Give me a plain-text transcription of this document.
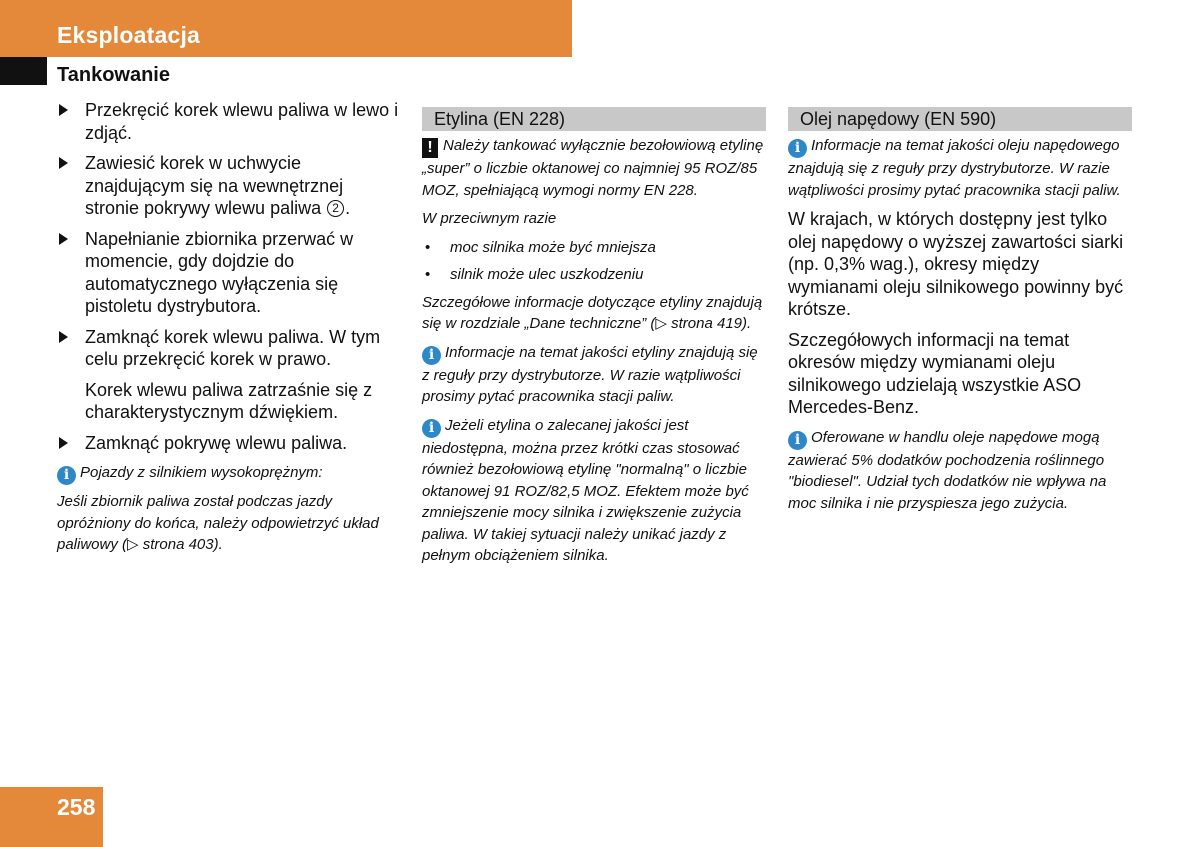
Eksploatacja
Tankowanie
Przekręcić korek wlewu paliwa w lewo i zdjąć.
Zawiesić korek w uchwycie znajdującym się na wewnętrznej stronie pokrywy wlewu paliwa 2 .
Napełnianie zbiornika przerwać w momencie, gdy dojdzie do automatycznego wyłączenia się pistoletu dystrybutora.
Zamknąć korek wlewu paliwa. W tym celu przekręcić korek w prawo.
Korek wlewu paliwa zatrzaśnie się z charakterystycznym dźwiękiem.
Zamknąć pokrywę wlewu paliwa.
i Pojazdy z silnikiem wysokoprężnym:
Jeśli zbiornik paliwa został podczas jazdy opróżniony do końca, należy odpowietrzyć układ paliwowy (▷ strona 403).
Etylina (EN 228)
! Należy tankować wyłącznie bezołowiową etylinę „super” o liczbie oktanowej co najmniej 95 ROZ/85 MOZ, spełniającą wymogi normy EN 228.
W przeciwnym razie
• moc silnika może być mniejsza
• silnik może ulec uszkodzeniu
Szczegółowe informacje dotyczące etyliny znajdują się w rozdziale „Dane techniczne” (▷ strona 419).
i Informacje na temat jakości etyliny znajdują się z reguły przy dystrybutorze. W razie wątpliwości prosimy pytać pracownika stacji paliw.
i Jeżeli etylina o zalecanej jakości jest niedostępna, można przez krótki czas stosować również bezołowiową etylinę "normalną" o liczbie oktanowej 91 ROZ/82,5 MOZ. Efektem może być zmniejszenie mocy silnika i zwiększenie zużycia paliwa. W takiej sytuacji należy unikać jazdy z pełnym obciążeniem silnika.
Olej napędowy (EN 590)
i Informacje na temat jakości oleju napędowego znajdują się z reguły przy dystrybutorze. W razie wątpliwości prosimy pytać pracownika stacji paliw.
W krajach, w których dostępny jest tylko olej napędowy o wyższej zawartości siarki (np. 0,3% wag.), okresy między wymianami oleju silnikowego powinny być krótsze.
Szczegółowych informacji na temat okresów między wymianami oleju silnikowego udzielają wszystkie ASO Mercedes-Benz.
i Oferowane w handlu oleje napędowe mogą zawierać 5% dodatków pochodzenia roślinnego "biodiesel". Udział tych dodatków nie wpływa na moc silnika i nie przyspiesza jego zużycia.
258
